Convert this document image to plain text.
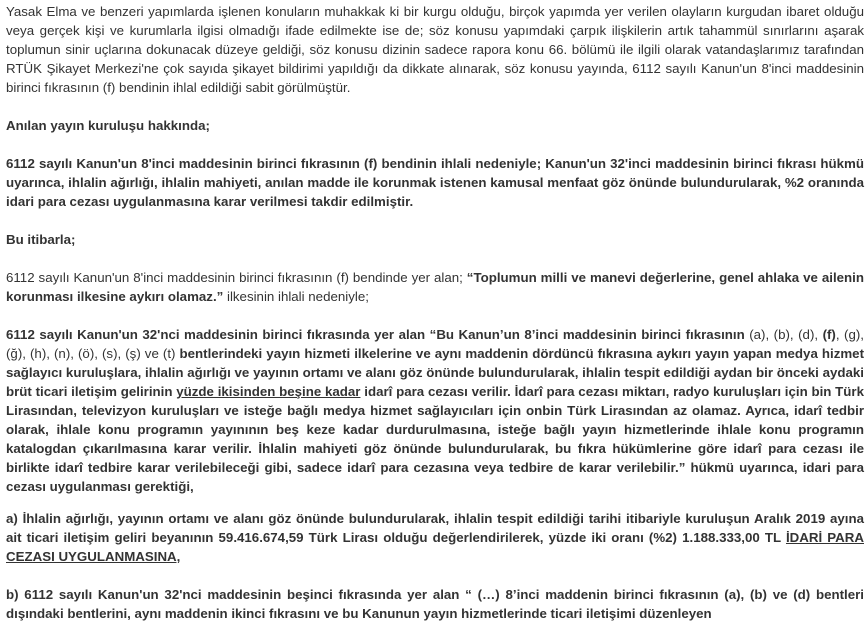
Yasak Elma ve benzeri yapımlarda işlenen konuların muhakkak ki bir kurgu olduğu, birçok yapımda yer verilen olayların kurgudan ibaret olduğu veya gerçek kişi ve kurumlarla ilgisi olmadığı ifade edilmekte ise de; söz konusu yapımdaki çarpık ilişkilerin artık tahammül sınırlarını aşarak toplumun sinir uçlarına dokunacak düzeye geldiği, söz konusu dizinin sadece rapora konu 66. bölümü ile ilgili olarak vatandaşlarımız tarafından RTÜK Şikayet Merkezi'ne çok sayıda şikayet bildirimi yapıldığı da dikkate alınarak, söz konusu yayında, 6112 sayılı Kanun'un 8'inci maddesinin birinci fıkrasının (f) bendinin ihlal edildiği sabit görülmüştür.

Anılan yayın kuruluşu hakkında;

6112 sayılı Kanun'un 8'inci maddesinin birinci fıkrasının (f) bendinin ihlali nedeniyle; Kanun'un 32'inci maddesinin birinci fıkrası hükmü uyarınca, ihlalin ağırlığı, ihlalin mahiyeti, anılan madde ile korunmak istenen kamusal menfaat göz önünde bulundurularak, %2 oranında idari para cezası uygulanmasına karar verilmesi takdir edilmiştir.

Bu itibarla;

6112 sayılı Kanun'un 8'inci maddesinin birinci fıkrasının (f) bendinde yer alan; “Toplumun milli ve manevi değerlerine, genel ahlaka ve ailenin korunması ilkesine aykırı olamaz.” ilkesinin ihlali nedeniyle;

6112 sayılı Kanun'un 32'nci maddesinin birinci fıkrasında yer alan “Bu Kanun’un 8’inci maddesinin birinci fıkrasının (a), (b), (d), (f), (g), (ğ), (h), (n), (ö), (s), (ş) ve (t) bentlerindeki yayın hizmeti ilkelerine ve aynı maddenin dördüncü fıkrasına aykırı yayın yapan medya hizmet sağlayıcı kuruluşlara, ihlalin ağırlığı ve yayının ortamı ve alanı göz önünde bulundurularak, ihlalin tespit edildiği aydan bir önceki aydaki brüt ticari iletişim gelirinin yüzde ikisinden beşine kadar idarî para cezası verilir. İdarî para cezası miktarı, radyo kuruluşları için bin Türk Lirasından, televizyon kuruluşları ve isteğe bağlı medya hizmet sağlayıcıları için onbin Türk Lirasından az olamaz. Ayrıca, idarî tedbir olarak, ihlale konu programın yayınının beş keze kadar durdurulmasına, isteğe bağlı yayın hizmetlerinde ihlale konu programın katalogdan çıkarılmasına karar verilir. İhlalin mahiyeti göz önünde bulundurularak, bu fıkra hükümlerine göre idarî para cezası ile birlikte idarî tedbire karar verilebileceği gibi, sadece idarî para cezasına veya tedbire de karar verilebilir.” hükmü uyarınca, idari para cezası uygulanması gerektiği,

a) İhlalin ağırlığı, yayının ortamı ve alanı göz önünde bulundurularak, ihlalin tespit edildiği tarihi itibariyle kuruluşun Aralık 2019 ayına ait ticari iletişim geliri beyanının 59.416.674,59 Türk Lirası olduğu değerlendirilerek, yüzde iki oranı (%2) 1.188.333,00 TL İDARİ PARA CEZASI UYGULANMASINA,

b) 6112 sayılı Kanun'un 32'nci maddesinin beşinci fıkrasında yer alan “ (…) 8’inci maddenin birinci fıkrasının (a), (b) ve (d) bentleri dışındaki bentlerini, aynı maddenin ikinci fıkrasını ve bu Kanunun yayın hizmetlerinde ticari iletişimi düzenleyen
